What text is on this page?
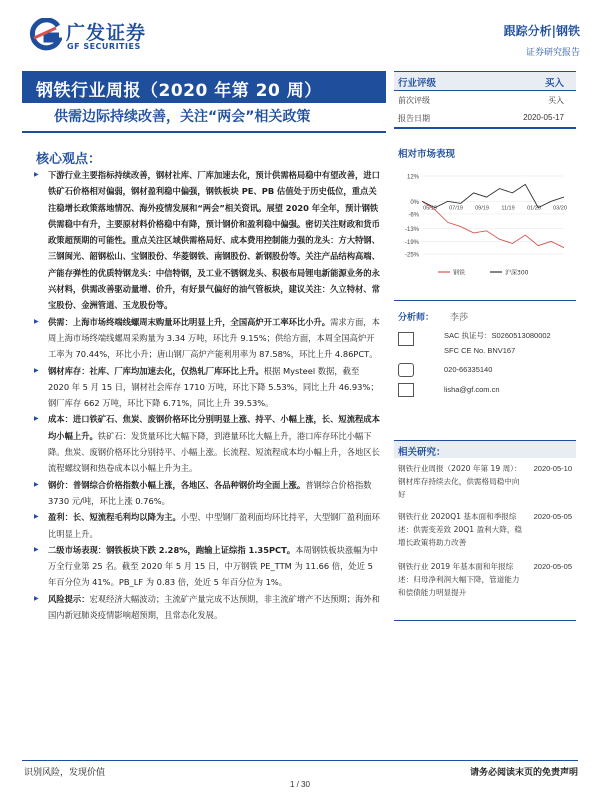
广发证券
GF SECURITIES
跟踪分析|钢铁
证券研究报告
钢铁行业周报（2020 年第 20 周）
供需边际持续改善，关注“两会”相关政策
核心观点：
▶ 下游行业主要指标持续改善，钢材社库、厂库加速去化，预计供需格局稳中有望改善，进口铁矿石价格相对偏弱，钢材盈利稳中偏强，钢铁板块 PE、PB 估值处于历史低位，重点关注稳增长政策落地情况、海外疫情发展和“两会”相关资讯。展望 2020 年全年，预计钢铁供需稳中有升，主要原材料价格稳中有降，预计钢价和盈利稳中偏强。密切关注财政和货币政策超预期的可能性。重点关注区域供需格局好、成本费用控制能力强的龙头：方大特钢、三钢闽光、韶钢松山、宝钢股份、华菱钢铁、南钢股份、新钢股份等。关注产品结构高端、产能存弹性的优质特钢龙头：中信特钢，及工业不锈钢龙头、积极布局锂电新能源业务的永兴材料，供需改善驱动量增、价升，有好景气偏好的油气管板块，建议关注：久立特材、常宝股份、金洲管道、玉龙股份等。
▶ 供需：上海市场终端线螺周末购量环比明显上升，全国高炉开工率环比小升。需求方面，本周上海市场终端线螺周采购量为 3.34 万吨，环比升 9.15%；供给方面，本周全国高炉开工率为 70.44%，环比小升；唐山钢厂高炉产能利用率为 87.58%，环比上升 4.86PCT。
▶ 钢材库存：社库、厂库均加速去化，仅热轧厂库环比上升。根据 Mysteel 数据，截至 2020 年 5 月 15 日，钢材社会库存 1710 万吨，环比下降 5.53%，同比上升 46.93%；钢厂库存 662 万吨，环比下降 6.71%，同比上升 39.53%。
▶ 成本：进口铁矿石、焦炭、废钢价格环比分别明显上涨、持平、小幅上涨，长、短流程成本均小幅上升。铁矿石：发货量环比大幅下降，到港量环比大幅上升，港口库存环比小幅下降。焦炭、废钢价格环比分别持平、小幅上涨。长流程、短流程成本均小幅上升，各地区长流程螺纹钢和热卷成本以小幅上升为主。
▶ 钢价：普钢综合价格指数小幅上涨，各地区、各品种钢价均全面上涨。普钢综合价格指数 3730 元/吨，环比上涨 0.76%。
▶ 盈利：长、短流程毛利均以降为主。小型、中型钢厂盈利面均环比持平，大型钢厂盈利面环比明显上升。
▶ 二级市场表现：钢铁板块下跌 2.28%，跑输上证综指 1.35PCT。本周钢铁板块涨幅为中万全行业第 25 名。截至 2020 年 5 月 15 日，中万钢铁 PE_TTM 为 11.66 倍，处近 5 年百分位为 41%。PB_LF 为 0.83 倍，处近 5 年百分位为 1%。
▶ 风险提示：宏观经济大幅波动；主流矿产量完成不达预期，非主流矿增产不达预期；海外和国内新冠肺炎疫情影响超预期，且常态化发展。
行业评级	买入
前次评级	买入
报告日期	2020-05-17
相对市场表现
12%
0%
-6%
-13%
-19%
-25%
05/19 07/19 09/19 11/19 01/20 03/20
钢铁	沪深300
分析师： 李莎
SAC 执证号：S0260513080002
SFC CE No. BNV167
020-66335140
lisha@gf.com.cn
相关研究：
钢铁行业周报（2020 年第 19 周）：钢材库存持续去化，供需格局稳中向好
2020-05-10
钢铁行业 2020Q1 基本面和季报综述：供需变差致 20Q1 盈利大降，稳增长政策将助力改善
2020-05-05
钢铁行业 2019 年基本面和年报综述：归母净利润大幅下降，管道能力和偿债能力明显提升
2020-05-05
识别风险，发现价值	请务必阅读末页的免责声明
1 / 30
